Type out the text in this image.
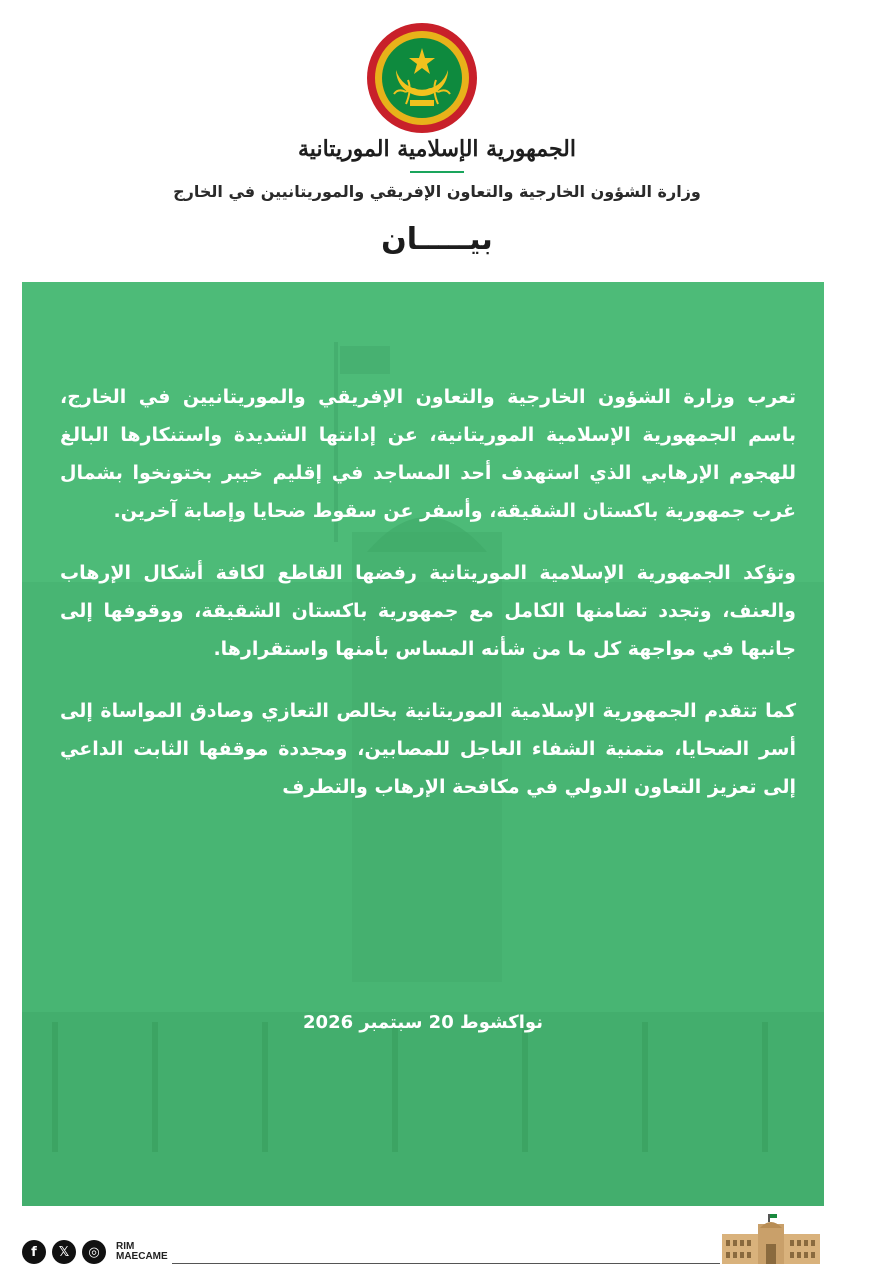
الجمهورية الإسلامية الموريتانية
وزارة الشؤون الخارجية والتعاون الإفريقي والموريتانيين في الخارج
بيـــــان

تعرب وزارة الشؤون الخارجية والتعاون الإفريقي والموريتانيين في الخارج، باسم الجمهورية الإسلامية الموريتانية، عن إدانتها الشديدة واستنكارها البالغ للهجوم الإرهابي الذي استهدف أحد المساجد في إقليم خيبر بختونخوا بشمال غرب جمهورية باكستان الشقيقة، وأسفر عن سقوط ضحايا وإصابة آخرين.

وتؤكد الجمهورية الإسلامية الموريتانية رفضها القاطع لكافة أشكال الإرهاب والعنف، وتجدد تضامنها الكامل مع جمهورية باكستان الشقيقة، ووقوفها إلى جانبها في مواجهة كل ما من شأنه المساس بأمنها واستقرارها.

كما تتقدم الجمهورية الإسلامية الموريتانية بخالص التعازي وصادق المواساة إلى أسر الضحايا، متمنية الشفاء العاجل للمصابين، ومجددة موقفها الثابت الداعي إلى تعزيز التعاون الدولي في مكافحة الإرهاب والتطرف

نواكشوط 20 سبتمبر 2026
f	𝕏	◎	RIM
MAECAME
